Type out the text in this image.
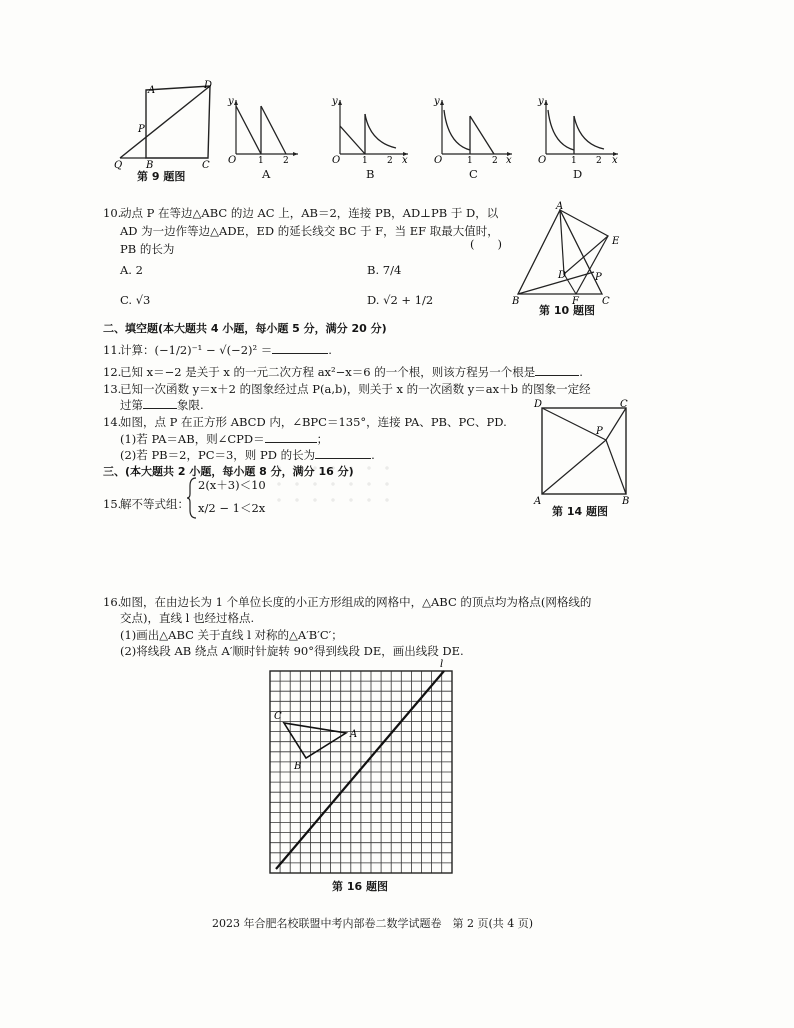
A	D
P
Q B	C
y
O 1 2
A
y
O 1 2 x
B
y
O	1 2 x
C
y
O	1 2 x
D
第 9 题图
10.
动点 P 在等边△ABC 的边 AC 上，AB＝2，连接 PB，AD⊥PB 于 D，以
AD 为一边作等边△ADE，ED 的延长线交 BC 于 F，当 EF 取最大值时，
PB 的长为	(　　)
A. 2	B. 7/4
C. √3	D. √2 + 1/2
A
E
D	P
B	F C
第 10 题图
二、填空题(本大题共 4 小题，每小题 5 分，满分 20 分)
11.
计算：(−1/2)⁻¹ − √(−2)² ＝	.
12.
已知 x＝−2 是关于 x 的一元二次方程 ax²−x＝6 的一个根，则该方程另一个根是	.
13.
已知一次函数 y＝x＋2 的图象经过点 P(a,b)，则关于 x 的一次函数 y＝ax＋b 的图象一定经
过第	象限.
14.
如图，点 P 在正方形 ABCD 内，∠BPC＝135°，连接 PA、PB、PC、PD.
(1)若 PA＝AB，则∠CPD＝	；
(2)若 PB＝2，PC＝3，则 PD 的长为	.
D	C
P
A	B
第 14 题图
三、(本大题共 2 小题，每小题 8 分，满分 16 分)
15.
解不等式组：
2(x＋3)＜10
x/2 − 1＜2x
16.
如图，在由边长为 1 个单位长度的小正方形组成的网格中，△ABC 的顶点均为格点(网格线的
交点)，直线 l 也经过格点.
(1)画出△ABC 关于直线 l 对称的△A′B′C′；
(2)将线段 AB 绕点 A′顺时针旋转 90°得到线段 DE，画出线段 DE.
l
C
A
B
第 16 题图
2023 年合肥名校联盟中考内部卷二数学试题卷　第 2 页(共 4 页)
